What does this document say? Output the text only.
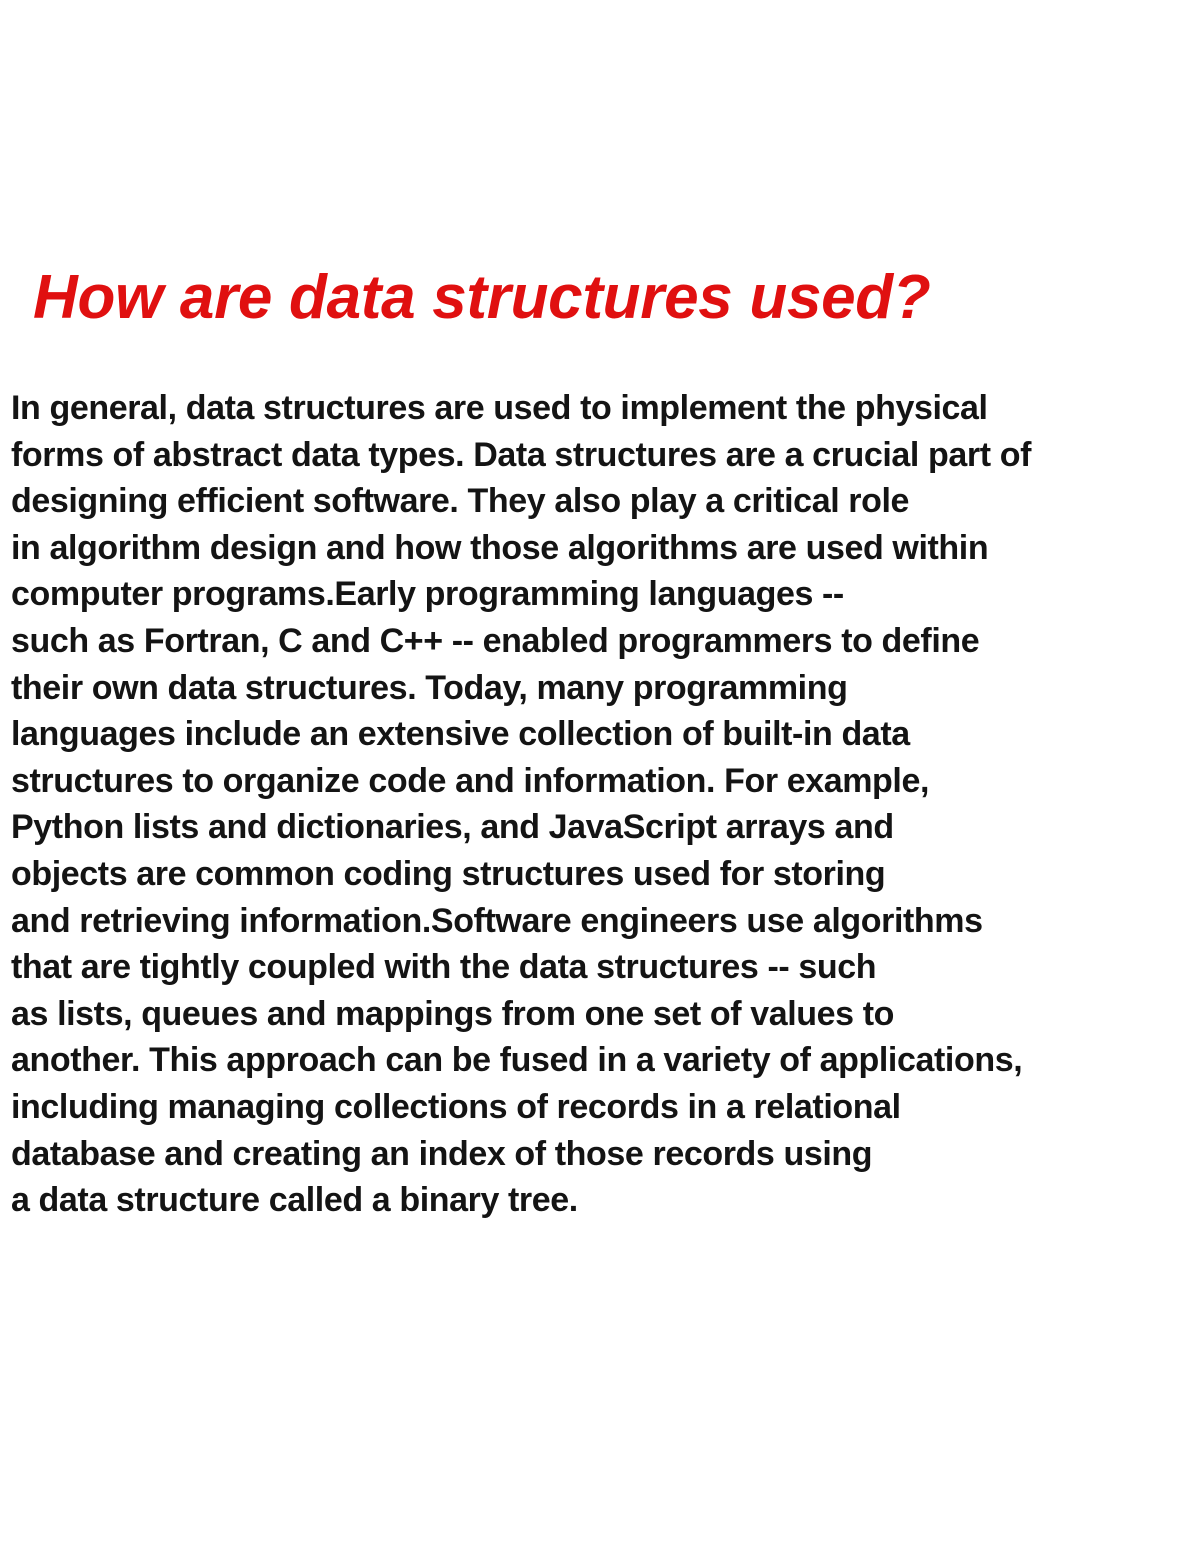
How are data structures used?

In general, data structures are used to implement the physical
forms of abstract data types. Data structures are a crucial part of
designing efficient software. They also play a critical role
in algorithm design and how those algorithms are used within
computer programs.Early programming languages --
such as Fortran, C and C++ -- enabled programmers to define
their own data structures. Today, many programming
languages include an extensive collection of built-in data
structures to organize code and information. For example,
Python lists and dictionaries, and JavaScript arrays and
objects are common coding structures used for storing
and retrieving information.Software engineers use algorithms
that are tightly coupled with the data structures -- such
as lists, queues and mappings from one set of values to
another. This approach can be fused in a variety of applications,
including managing collections of records in a relational
database and creating an index of those records using
a data structure called a binary tree.
